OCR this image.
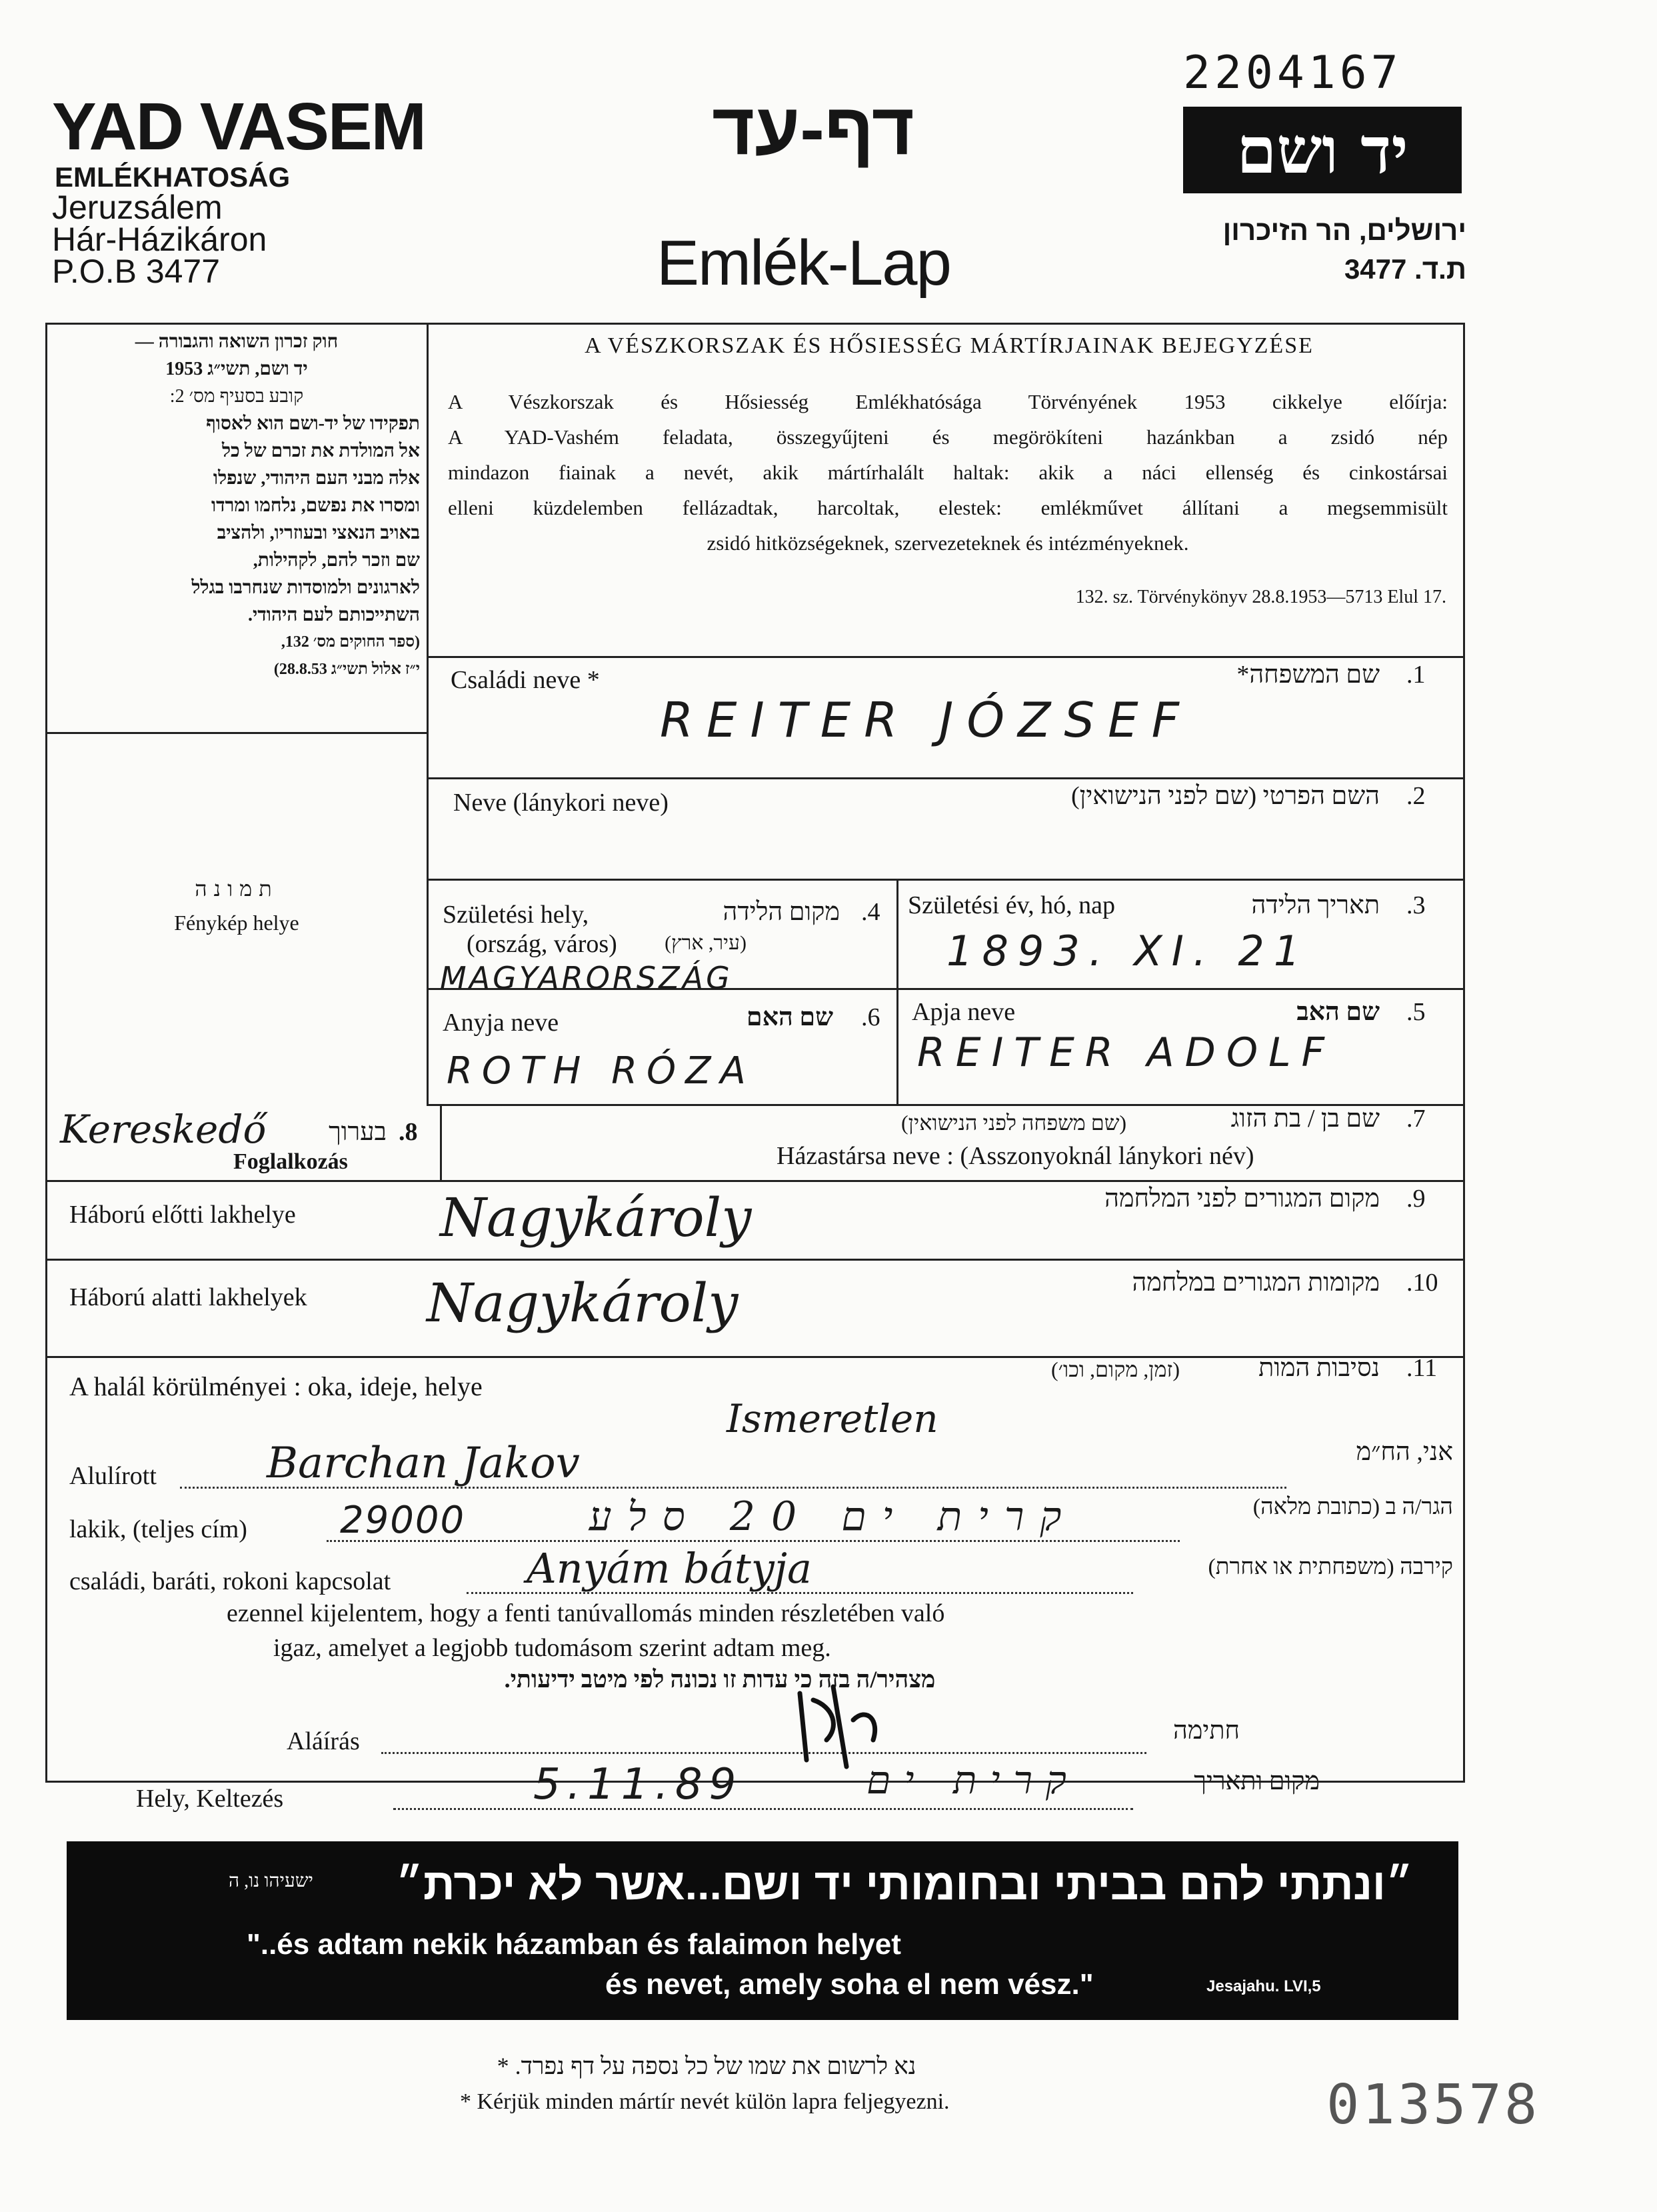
2204167
YAD VASEM
EMLÉKHATOSÁG
Jeruzsálem
Hár-Házikáron
P.O.B 3477
דף-עד
Emlék-Lap
יד ושם
ירושלים, הר הזיכרון
ת.ד. 3477
חוק זכרון השואה והגבורה —
יד ושם, תשי״ג 1953
קובע בסעיף מס׳ 2:
תפקידו של יד-ושם הוא לאסוף
אל המולדת את זכרם של כל
אלה מבני העם היהודי, שנפלו
ומסרו את נפשם, נלחמו ומרדו
באויב הנאצי ובעוזריו, ולהציב
שם וזכר להם, לקהילות,
לארגונים ולמוסדות שנחרבו בגלל
השתייכותם לעם היהודי.
(ספר החוקים מס׳ 132,
י״ז אלול תשי״ג 28.8.53)
תמונה
Fénykép helye
A VÉSZKORSZAK ÉS HŐSIESSÉG MÁRTÍRJAINAK BEJEGYZÉSE
A Vészkorszak és Hősiesség Emlékhatósága Törvényének 1953 cikkelye előírja:
A YAD-Vashém feladata, összegyűjteni és megörökíteni hazánkban a zsidó nép
mindazon fiainak a nevét, akik mártírhalált haltak: akik a náci ellenség és cinkostársai
elleni küzdelemben fellázadtak, harcoltak, elestek: emlékművet állítani a megsemmisült
zsidó hitközségeknek, szervezeteknek és intézményeknek.
132. sz. Törvénykönyv 28.8.1953—5713 Elul 17.
Családi neve *	שם המשפחה* .1
REITER JÓZSEF
Neve (lánykori neve)	השם הפרטי (שם לפני הנישואין) .2
Születési hely,
(ország, város)
מקום הלידה
(עיר, ארץ)
.4
MAGYARORSZÁG
Születési év, hó, nap	תאריך הלידה .3
1893. XI. 21
Anyja neve	שם האם .6
ROTH RÓZA
Apja neve	שם האב .5
REITER ADOLF
Kereskedő	בערוך .8
Foglalkozás
שם בן / בת הזוג
(שם משפחה לפני הנישואין)	.7
Házastársa neve : (Asszonyoknál lánykori név)
Háború előtti lakhelye
מקום המגורים לפני המלחמה .9
Nagykároly
Háború alatti lakhelyek
מקומות המגורים במלחמה .10
Nagykároly
A halál körülményei : oka, ideje, helye
נסיבות המות
(זמן, מקום, וכו׳)	.11
Ismeretlen
Alulírott	Barchan Jakov	אני, הח״מ
lakik, (teljes cím) 29000	קרית ים 20 סלע	הגר/ה ב (כתובת מלאה)
családi, baráti, rokoni kapcsolat	Anyám bátyja	קירבה (משפחתית או אחרת)
ezennel kijelentem, hogy a fenti tanúvallomás minden részletében való
igaz, amelyet a legjobb tudomásom szerint adtam meg.
מצהיר/ה בזה כי עדות זו נכונה לפי מיטב ידיעותי.
Aláírás	חתימה
Hely, Keltezés	5.11.89	קרית ים	מקום ותאריך
״ונתתי להם בביתי ובחומותי יד ושם...אשר לא יכרת״
ישעיהו נו, ה
"..és adtam nekik házamban és falaimon helyet
és nevet, amely soha el nem vész."	Jesajahu. LVI,5
נא לרשום את שמו של כל נספה על דף נפרד. *
* Kérjük minden mártír nevét külön lapra feljegyezni.	013578
